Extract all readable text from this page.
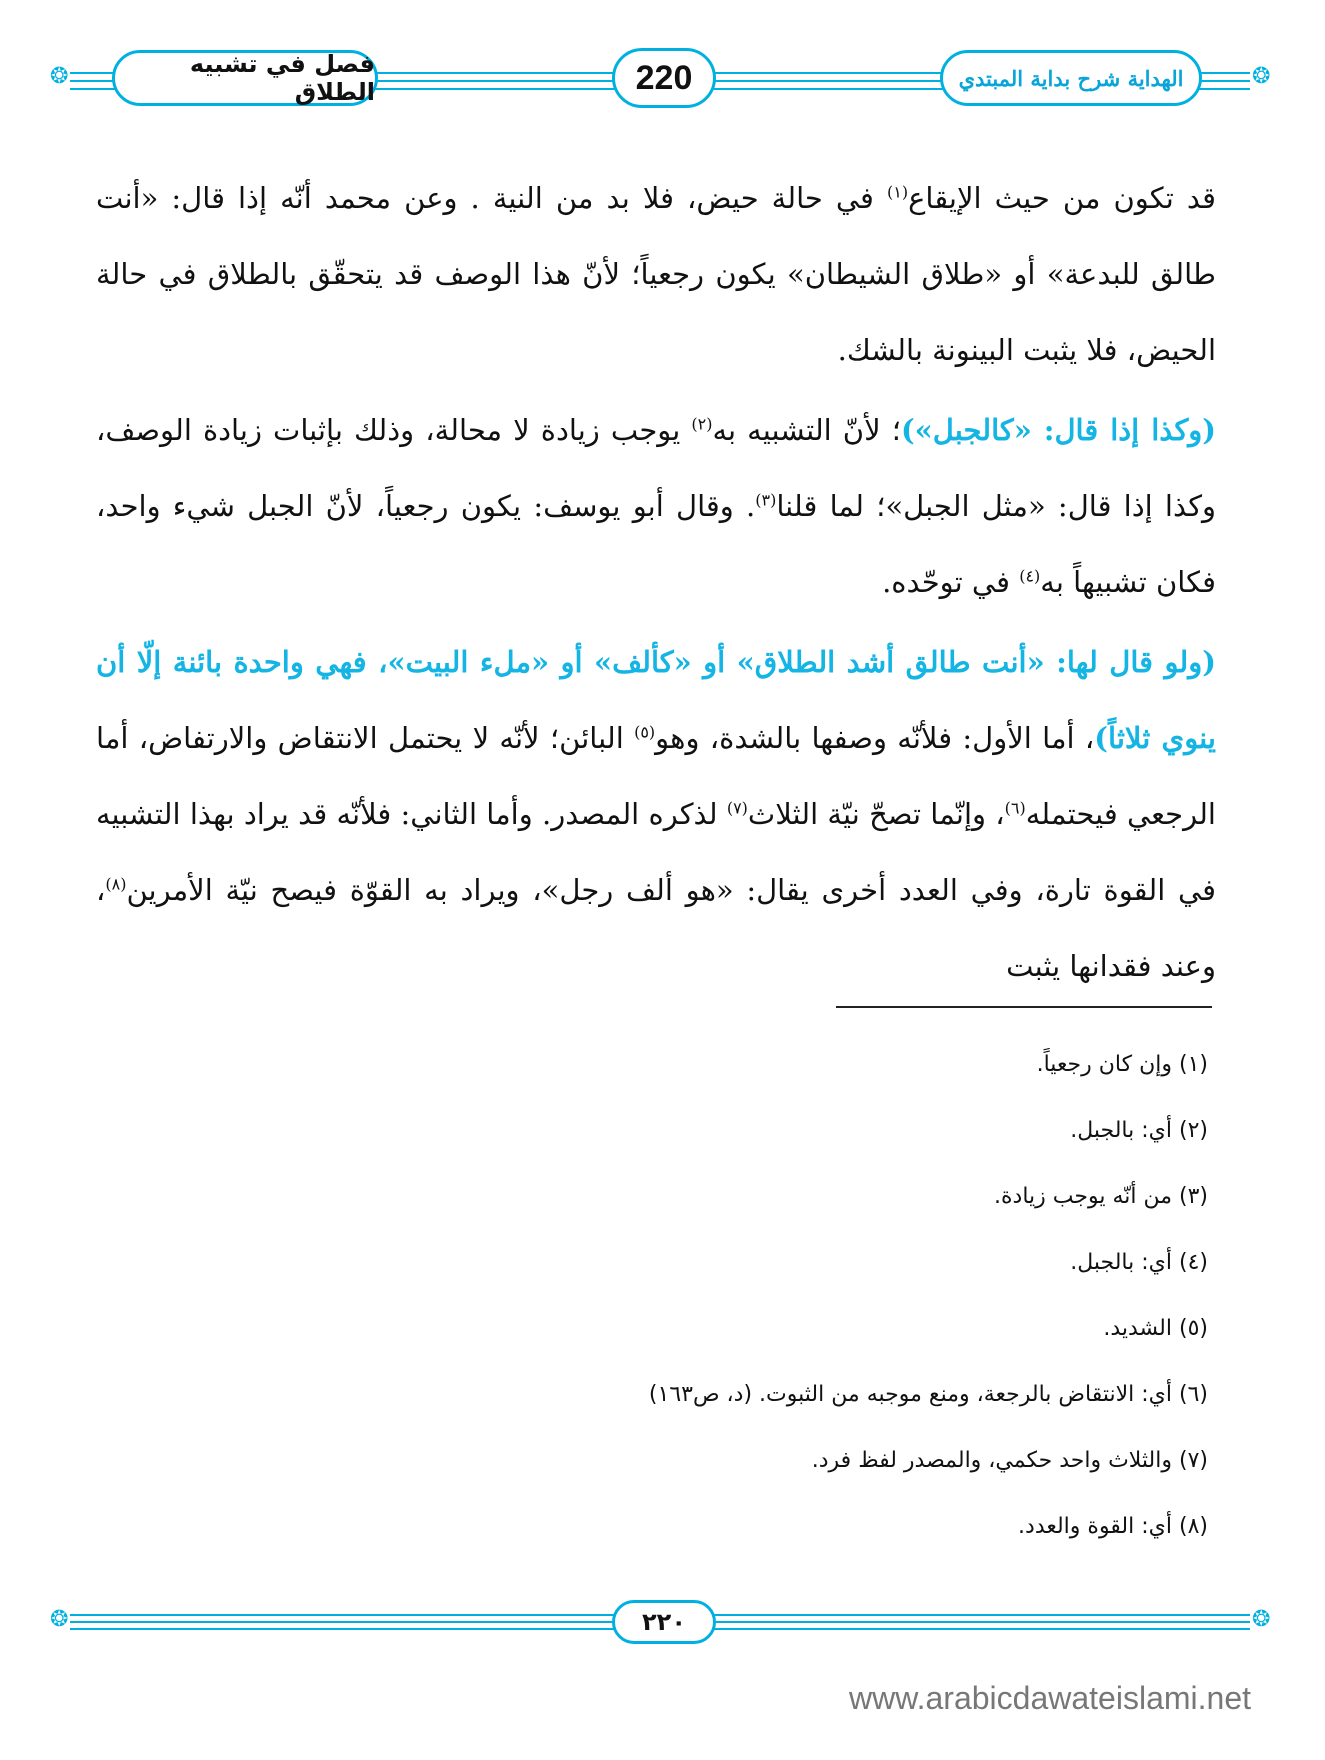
❂	❂
فصل في تشبيه الطلاق	220	الهداية شرح بداية المبتدي

قد تكون من حيث الإيقاع$^{(١)}$ في حالة حيض، فلا بد من النية . وعن محمد أنّه إذا قال: «أنت طالق للبدعة» أو «طلاق الشيطان» يكون رجعياً؛ لأنّ هذا الوصف قد يتحقّق بالطلاق في حالة الحيض، فلا يثبت البينونة بالشك.

(وكذا إذا قال: «كالجبل»)؛ لأنّ التشبيه به$^{(٢)}$ يوجب زيادة لا محالة، وذلك بإثبات زيادة الوصف، وكذا إذا قال: «مثل الجبل»؛ لما قلنا$^{(٣)}$. وقال أبو يوسف: يكون رجعياً، لأنّ الجبل شيء واحد، فكان تشبيهاً به$^{(٤)}$ في توحّده.

(ولو قال لها: «أنت طالق أشد الطلاق» أو «كألف» أو «ملء البيت»، فهي واحدة بائنة إلّا أن ينوي ثلاثاً)، أما الأول: فلأنّه وصفها بالشدة، وهو$^{(٥)}$ البائن؛ لأنّه لا يحتمل الانتقاض والارتفاض، أما الرجعي فيحتمله$^{(٦)}$، وإنّما تصحّ نيّة الثلاث$^{(٧)}$ لذكره المصدر. وأما الثاني: فلأنّه قد يراد بهذا التشبيه في القوة تارة، وفي العدد أخرى يقال: «هو ألف رجل»، ويراد به القوّة فيصح نيّة الأمرين$^{(٨)}$، وعند فقدانها يثبت

(١) وإن كان رجعياً.
(٢) أي: بالجبل.
(٣) من أنّه يوجب زيادة.
(٤) أي: بالجبل.
(٥) الشديد.
(٦) أي: الانتقاض بالرجعة، ومنع موجبه من الثبوت. (د، ص١٦٣)
(٧) والثلاث واحد حكمي، والمصدر لفظ فرد.
(٨) أي: القوة والعدد.
❂	❂
٢٢٠
www.arabicdawateislami.net
